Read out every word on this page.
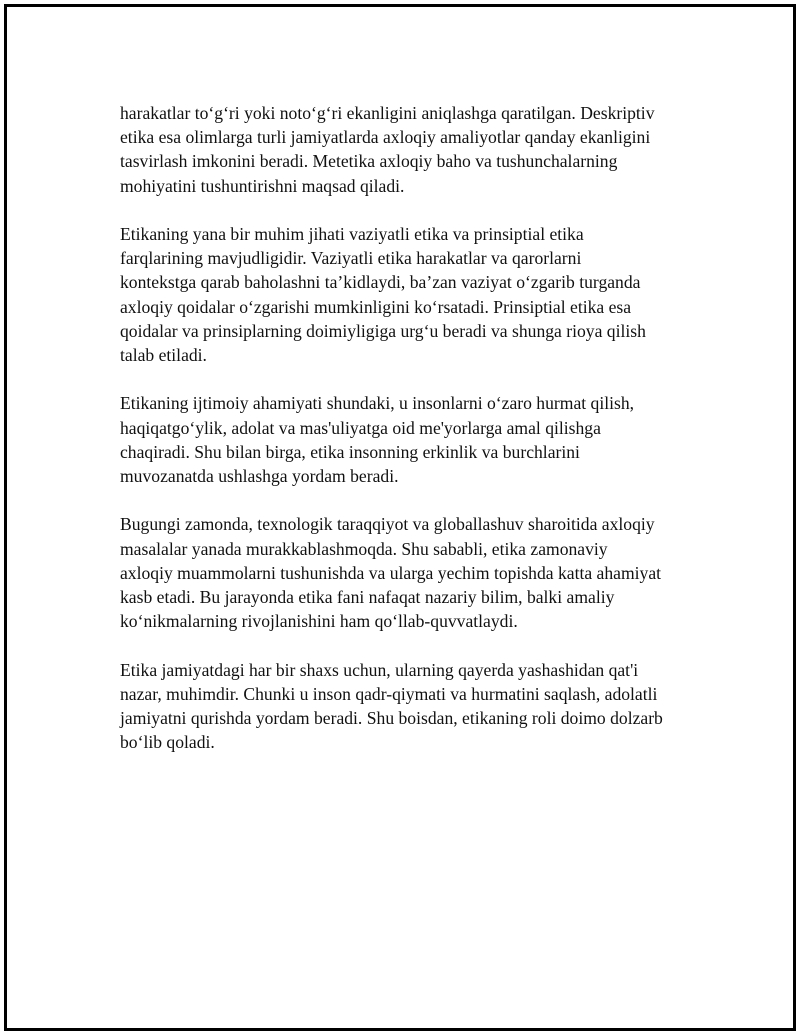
harakatlar to‘g‘ri yoki noto‘g‘ri ekanligini aniqlashga qaratilgan. Deskriptiv
etika esa olimlarga turli jamiyatlarda axloqiy amaliyotlar qanday ekanligini
tasvirlash imkonini beradi. Metetika axloqiy baho va tushunchalarning
mohiyatini tushuntirishni maqsad qiladi.

Etikaning yana bir muhim jihati vaziyatli etika va prinsiptial etika
farqlarining mavjudligidir. Vaziyatli etika harakatlar va qarorlarni
kontekstga qarab baholashni ta’kidlaydi, ba’zan vaziyat o‘zgarib turganda
axloqiy qoidalar o‘zgarishi mumkinligini ko‘rsatadi. Prinsiptial etika esa
qoidalar va prinsiplarning doimiyligiga urg‘u beradi va shunga rioya qilish
talab etiladi.

Etikaning ijtimoiy ahamiyati shundaki, u insonlarni o‘zaro hurmat qilish,
haqiqatgo‘ylik, adolat va mas'uliyatga oid me'yorlarga amal qilishga
chaqiradi. Shu bilan birga, etika insonning erkinlik va burchlarini
muvozanatda ushlashga yordam beradi.

Bugungi zamonda, texnologik taraqqiyot va globallashuv sharoitida axloqiy
masalalar yanada murakkablashmoqda. Shu sababli, etika zamonaviy
axloqiy muammolarni tushunishda va ularga yechim topishda katta ahamiyat
kasb etadi. Bu jarayonda etika fani nafaqat nazariy bilim, balki amaliy
ko‘nikmalarning rivojlanishini ham qo‘llab-quvvatlaydi.

Etika jamiyatdagi har bir shaxs uchun, ularning qayerda yashashidan qat'i
nazar, muhimdir. Chunki u inson qadr-qiymati va hurmatini saqlash, adolatli
jamiyatni qurishda yordam beradi. Shu boisdan, etikaning roli doimo dolzarb
bo‘lib qoladi.
